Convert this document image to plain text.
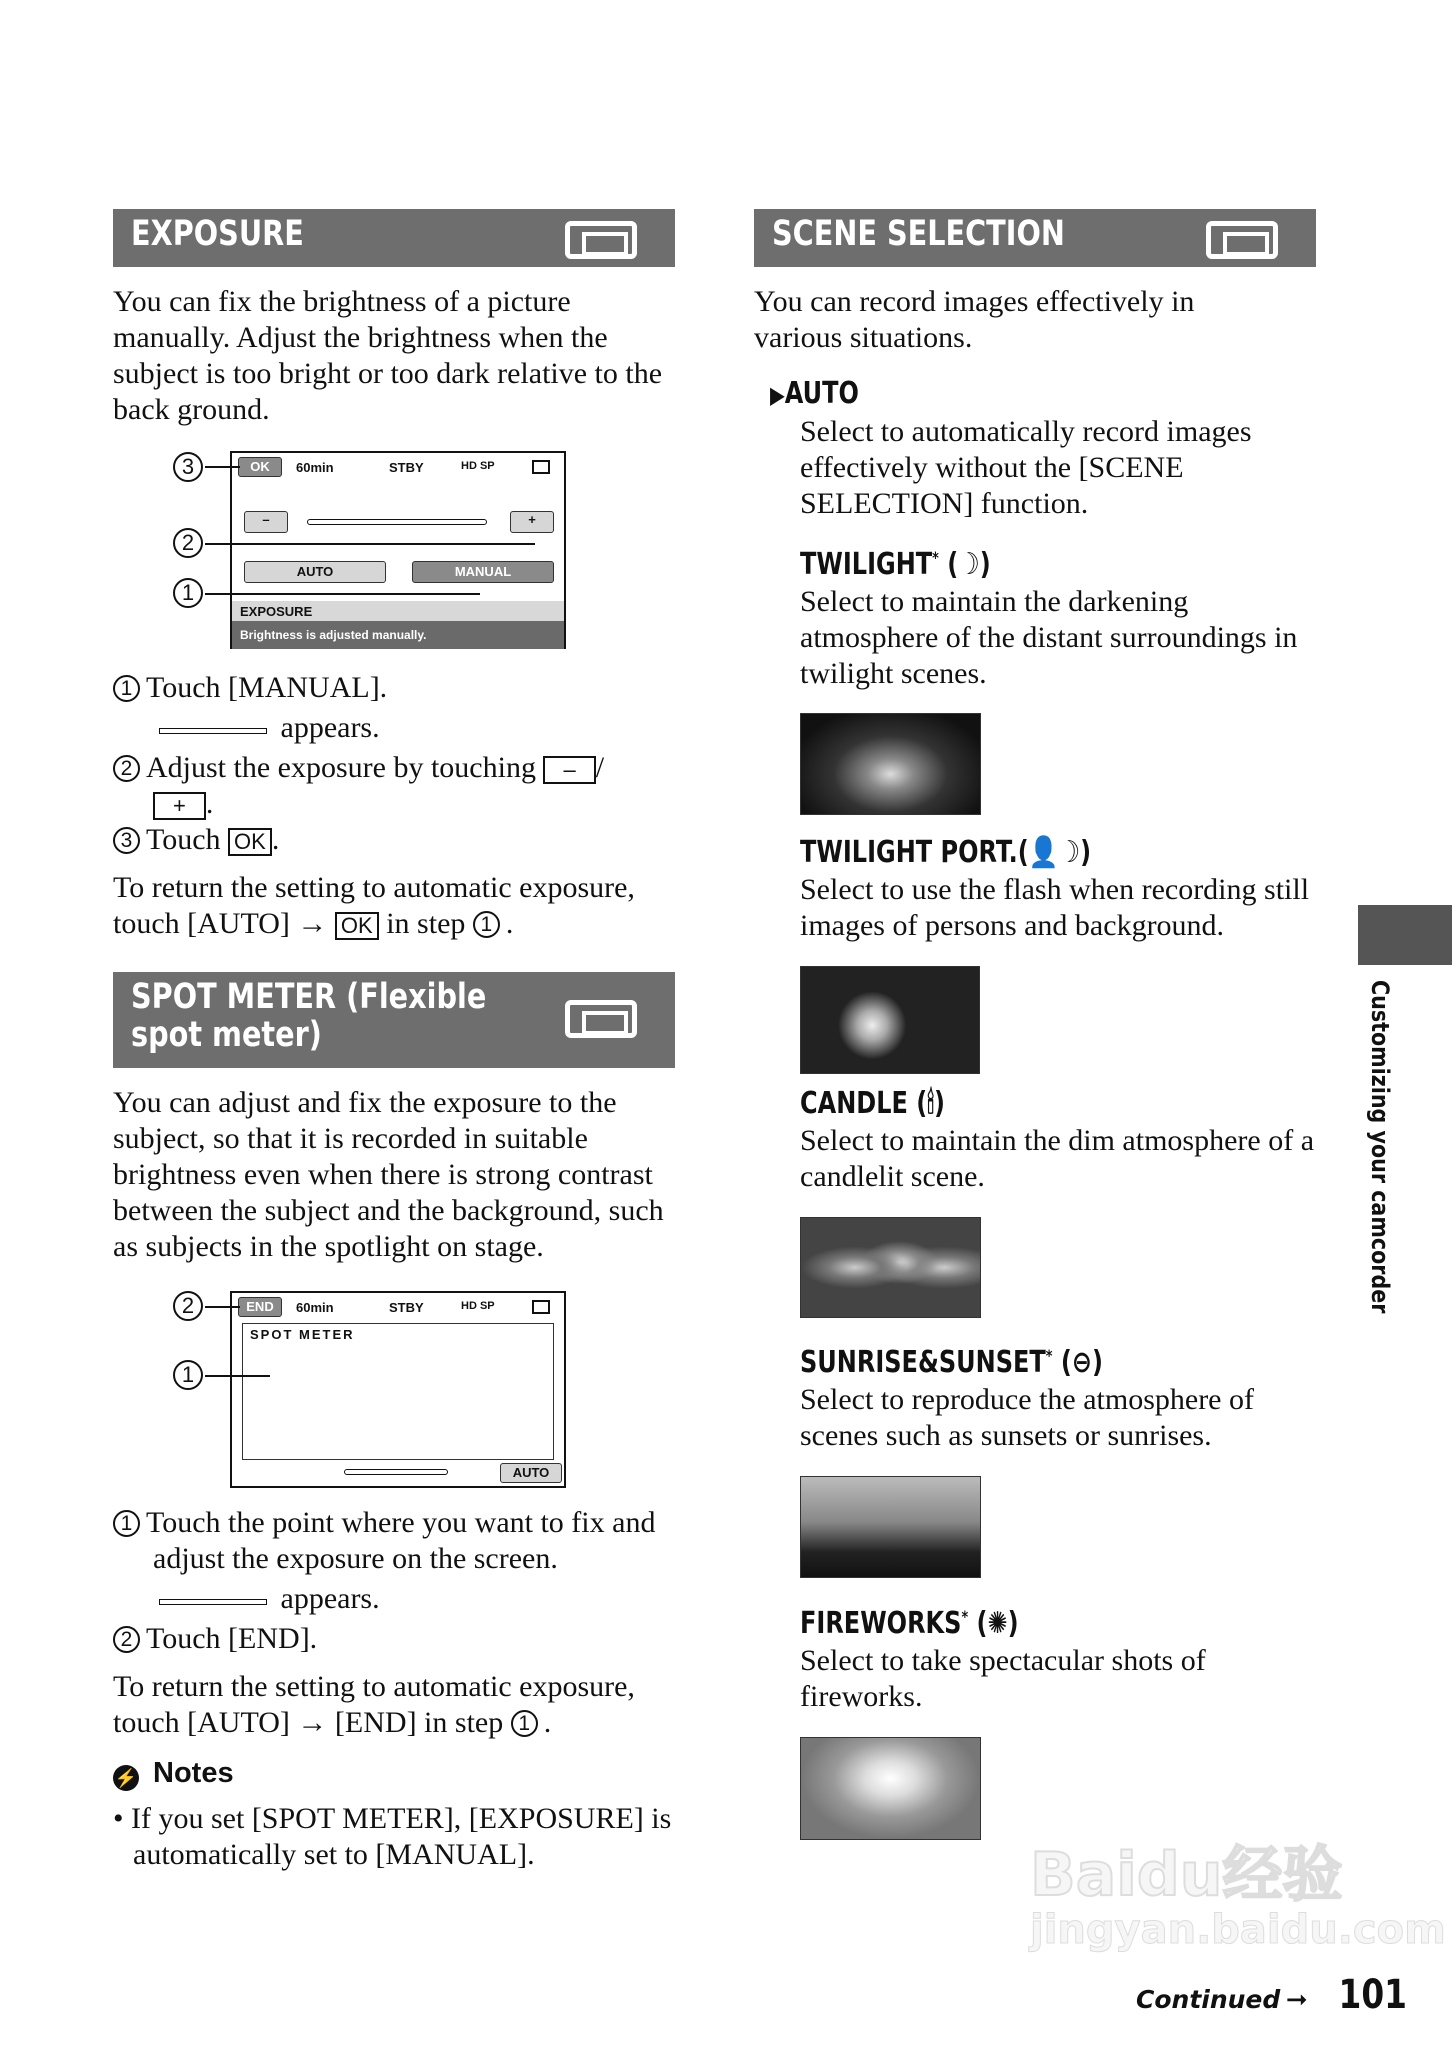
EXPOSURE

You can fix the brightness of a picture manually. Adjust the brightness when the subject is too bright or too dark relative to the back ground.

OK	60min	STBY	HD SP
–	+
AUTO	MANUAL
EXPOSURE
Brightness is adjusted manually.
3
2
1

1 Touch [MANUAL].

appears.

2 Adjust the exposure by touching – /
+ .

3 Touch OK .

To return the setting to automatic exposure, touch [AUTO] → OK in step 1 .

SPOT METER (Flexible
spot meter)

You can adjust and fix the exposure to the subject, so that it is recorded in suitable brightness even when there is strong contrast between the subject and the background, such as subjects in the spotlight on stage.

END	60min	STBY	HD SP
SPOT METER
AUTO
2
1

1 Touch the point where you want to fix and adjust the exposure on the screen.

appears.

2 Touch [END].

To return the setting to automatic exposure, touch [AUTO] → [END] in step 1 .

⚡ Notes

• If you set [SPOT METER], [EXPOSURE] is automatically set to [MANUAL].

SCENE SELECTION

You can record images effectively in various situations.

▶AUTO

Select to automatically record images effectively without the [SCENE SELECTION] function.

TWILIGHT* (☽)

Select to maintain the darkening atmosphere of the distant surroundings in twilight scenes.

TWILIGHT PORT.(👤☽)

Select to use the flash when recording still images of persons and background.

CANDLE (🕯)

Select to maintain the dim atmosphere of a candlelit scene.

SUNRISE&SUNSET* (⊖)

Select to reproduce the atmosphere of scenes such as sunsets or sunrises.

FIREWORKS* (✺)

Select to take spectacular shots of fireworks.

Customizing your camcorder
Baidu经验
jingyan.baidu.com
Continued ➞ 101
